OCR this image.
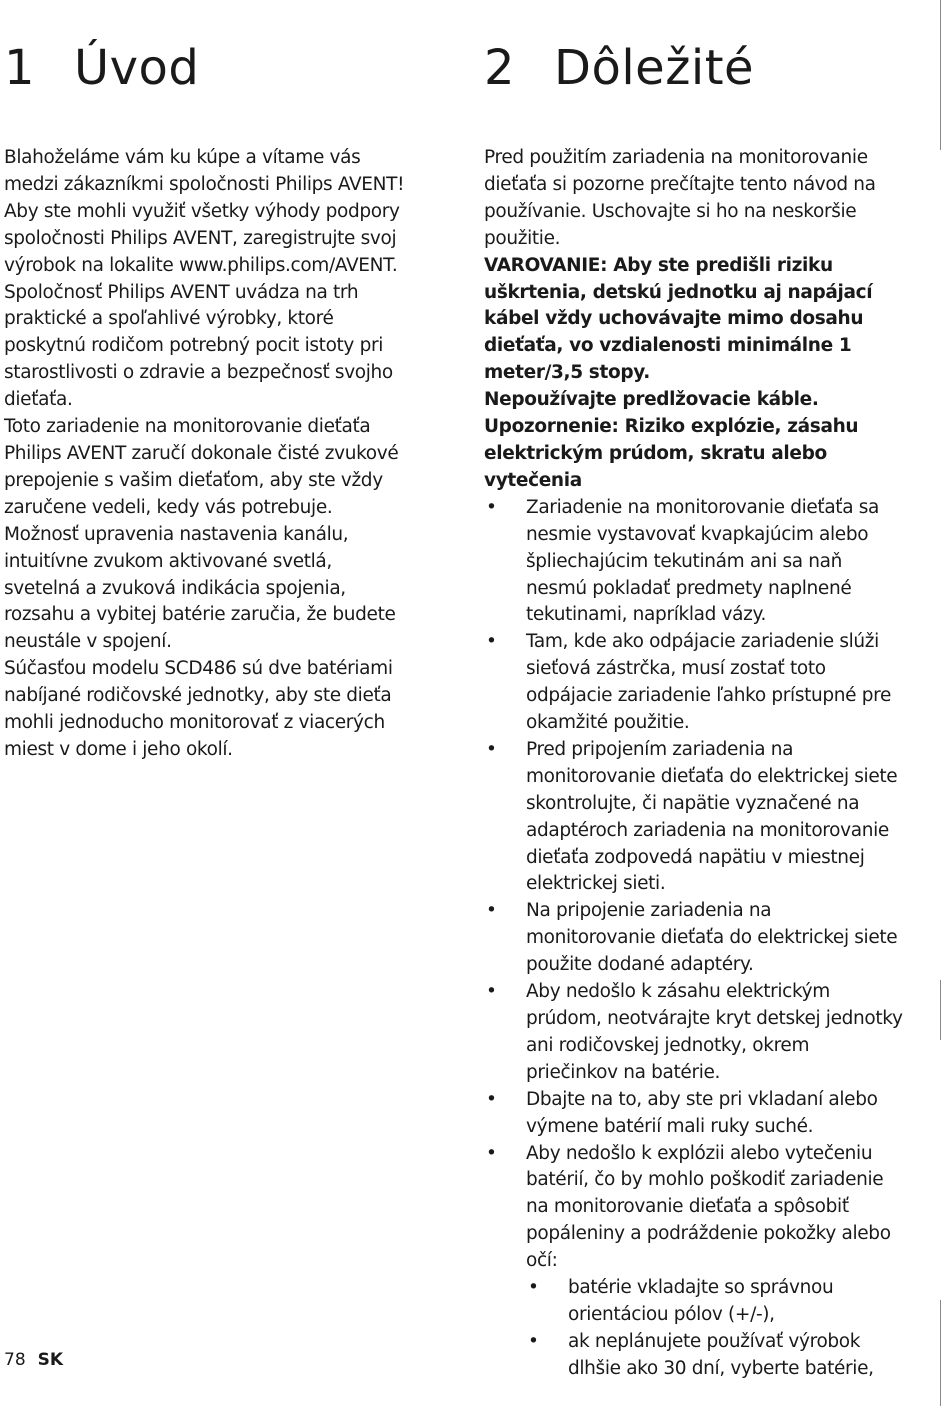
1 Úvod

Blahoželáme vám ku kúpe a vítame vás medzi zákazníkmi spoločnosti Philips AVENT! Aby ste mohli využiť všetky výhody podpory spoločnosti Philips AVENT, zaregistrujte svoj výrobok na lokalite www.philips.com/AVENT.

Spoločnosť Philips AVENT uvádza na trh praktické a spoľahlivé výrobky, ktoré poskytnú rodičom potrebný pocit istoty pri starostlivosti o zdravie a bezpečnosť svojho dieťaťa.

Toto zariadenie na monitorovanie dieťaťa Philips AVENT zaručí dokonale čisté zvukové prepojenie s vašim dieťaťom, aby ste vždy zaručene vedeli, kedy vás potrebuje. Možnosť upravenia nastavenia kanálu, intuitívne zvukom aktivované svetlá, svetelná a zvuková indikácia spojenia, rozsahu a vybitej batérie zaručia, že budete neustále v spojení.

Súčasťou modelu SCD486 sú dve batériami nabíjané rodičovské jednotky, aby ste dieťa mohli jednoducho monitorovať z viacerých miest v dome i jeho okolí.

2 Dôležité

Pred použitím zariadenia na monitorovanie dieťaťa si pozorne prečítajte tento návod na používanie. Uschovajte si ho na neskoršie použitie.

VAROVANIE: Aby ste predišli riziku uškrtenia, detskú jednotku aj napájací kábel vždy uchovávajte mimo dosahu dieťaťa, vo vzdialenosti minimálne 1 meter/3,5 stopy.

Nepoužívajte predlžovacie káble.

Upozornenie: Riziko explózie, zásahu elektrickým prúdom, skratu alebo vytečenia

• Zariadenie na monitorovanie dieťaťa sa nesmie vystavovať kvapkajúcim alebo špliechajúcim tekutinám ani sa naň nesmú pokladať predmety naplnené tekutinami, napríklad vázy.
• Tam, kde ako odpájacie zariadenie slúži sieťová zástrčka, musí zostať toto odpájacie zariadenie ľahko prístupné pre okamžité použitie.
• Pred pripojením zariadenia na monitorovanie dieťaťa do elektrickej siete skontrolujte, či napätie vyznačené na adaptéroch zariadenia na monitorovanie dieťaťa zodpovedá napätiu v miestnej elektrickej sieti.
• Na pripojenie zariadenia na monitorovanie dieťaťa do elektrickej siete použite dodané adaptéry.
• Aby nedošlo k zásahu elektrickým prúdom, neotvárajte kryt detskej jednotky ani rodičovskej jednotky, okrem priečinkov na batérie.
• Dbajte na to, aby ste pri vkladaní alebo výmene batérií mali ruky suché.
• Aby nedošlo k explózii alebo vytečeniu batérií, čo by mohlo poškodiť zariadenie na monitorovanie dieťaťa a spôsobiť popáleniny a podráždenie pokožky alebo očí:
• batérie vkladajte so správnou orientáciou pólov (+/-),
• ak neplánujete používať výrobok dlhšie ako 30 dní, vyberte batérie,
78 SK
